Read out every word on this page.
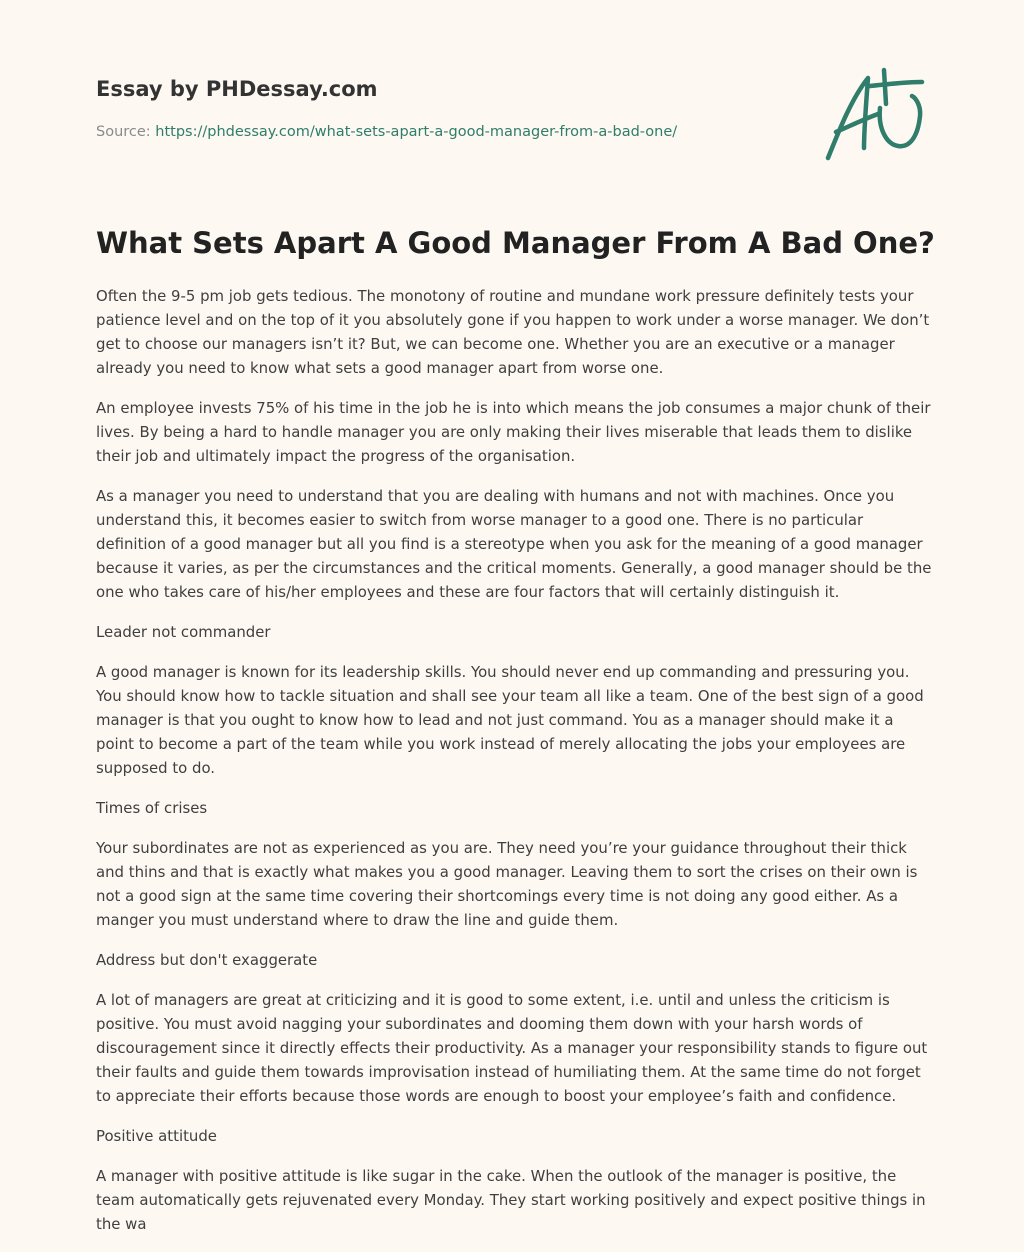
Essay by PHDessay.com
Source: https://phdessay.com/what-sets-apart-a-good-manager-from-a-bad-one/
What Sets Apart A Good Manager From A Bad One?

Often the 9-5 pm job gets tedious. The monotony of routine and mundane work pressure definitely tests your patience level and on the top of it you absolutely gone if you happen to work under a worse manager. We don’t get to choose our managers isn’t it? But, we can become one. Whether you are an executive or a manager already you need to know what sets a good manager apart from worse one.

An employee invests 75% of his time in the job he is into which means the job consumes a major chunk of their lives. By being a hard to handle manager you are only making their lives miserable that leads them to dislike their job and ultimately impact the progress of the organisation.

As a manager you need to understand that you are dealing with humans and not with machines. Once you understand this, it becomes easier to switch from worse manager to a good one. There is no particular definition of a good manager but all you find is a stereotype when you ask for the meaning of a good manager because it varies, as per the circumstances and the critical moments. Generally, a good manager should be the one who takes care of his/her employees and these are four factors that will certainly distinguish it.

Leader not commander

A good manager is known for its leadership skills. You should never end up commanding and pressuring you. You should know how to tackle situation and shall see your team all like a team. One of the best sign of a good manager is that you ought to know how to lead and not just command. You as a manager should make it a point to become a part of the team while you work instead of merely allocating the jobs your employees are supposed to do.

Times of crises

Your subordinates are not as experienced as you are. They need you’re your guidance throughout their thick and thins and that is exactly what makes you a good manager. Leaving them to sort the crises on their own is not a good sign at the same time covering their shortcomings every time is not doing any good either. As a manger you must understand where to draw the line and guide them.

Address but don't exaggerate

A lot of managers are great at criticizing and it is good to some extent, i.e. until and unless the criticism is positive. You must avoid nagging your subordinates and dooming them down with your harsh words of discouragement since it directly effects their productivity. As a manager your responsibility stands to figure out their faults and guide them towards improvisation instead of humiliating them. At the same time do not forget to appreciate their efforts because those words are enough to boost your employee’s faith and confidence.

Positive attitude

A manager with positive attitude is like sugar in the cake. When the outlook of the manager is positive, the team automatically gets rejuvenated every Monday. They start working positively and expect positive things in the wa
